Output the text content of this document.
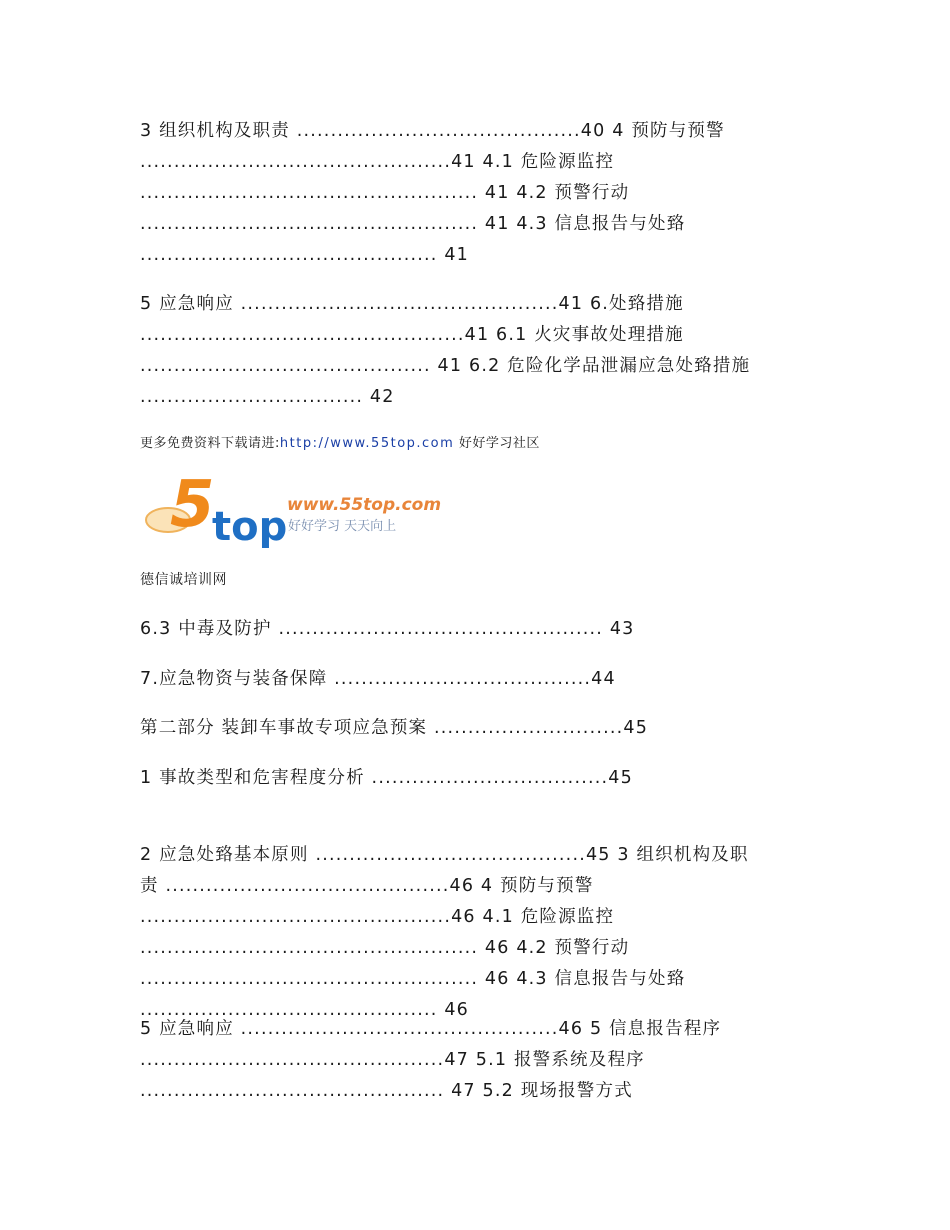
3 组织机构及职责 ..........................................40 4 预防与预警
..............................................41 4.1 危险源监控
.................................................. 41 4.2 预警行动
.................................................. 41 4.3 信息报告与处臵
............................................ 41

5 应急响应 ...............................................41 6.处臵措施
................................................41 6.1 火灾事故处理措施
........................................... 41 6.2 危险化学品泄漏应急处臵措施
................................. 42

更多免费资料下载请进:http://www.55top.com 好好学习社区
5
top www.55top.com
好好学习 天天向上
德信诚培训网

6.3 中毒及防护 ................................................ 43

7.应急物资与装备保障 ......................................44

第二部分 装卸车事故专项应急预案 ............................45

1 事故类型和危害程度分析 ...................................45

2 应急处臵基本原则 ........................................45 3 组织机构及职
责 ..........................................46 4 预防与预警
..............................................46 4.1 危险源监控
.................................................. 46 4.2 预警行动
.................................................. 46 4.3 信息报告与处臵
............................................ 46

5 应急响应 ...............................................46 5 信息报告程序
.............................................47 5.1 报警系统及程序
............................................. 47 5.2 现场报警方式
